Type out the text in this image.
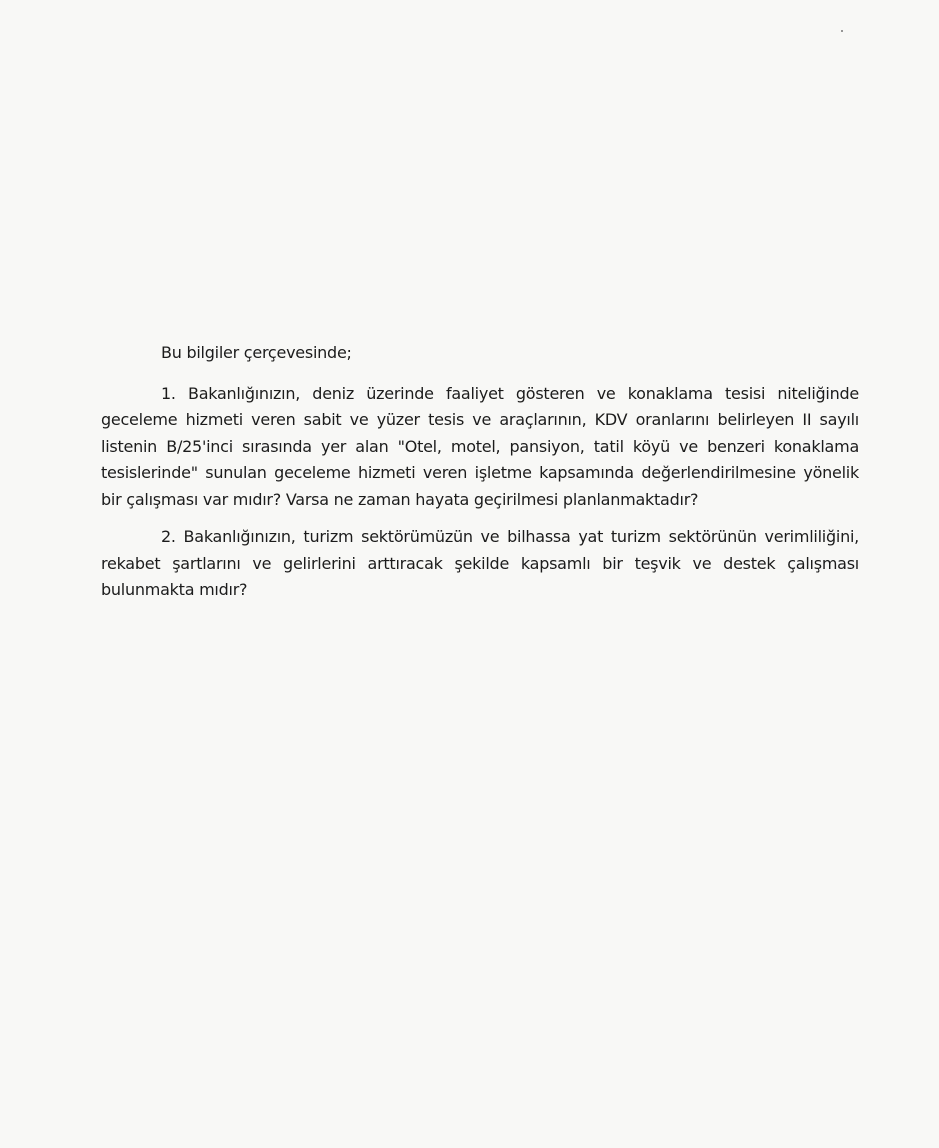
Bu bilgiler çerçevesinde;

1. Bakanlığınızın, deniz üzerinde faaliyet gösteren ve konaklama tesisi niteliğinde geceleme hizmeti veren sabit ve yüzer tesis ve araçlarının, KDV oranlarını belirleyen II sayılı listenin B/25'inci sırasında yer alan "Otel, motel, pansiyon, tatil köyü ve benzeri konaklama tesislerinde" sunulan geceleme hizmeti veren işletme kapsamında değerlendirilmesine yönelik bir çalışması var mıdır? Varsa ne zaman hayata geçirilmesi planlanmaktadır?

2. Bakanlığınızın, turizm sektörümüzün ve bilhassa yat turizm sektörünün verimliliğini, rekabet şartlarını ve gelirlerini arttıracak şekilde kapsamlı bir teşvik ve destek çalışması bulunmakta mıdır?
